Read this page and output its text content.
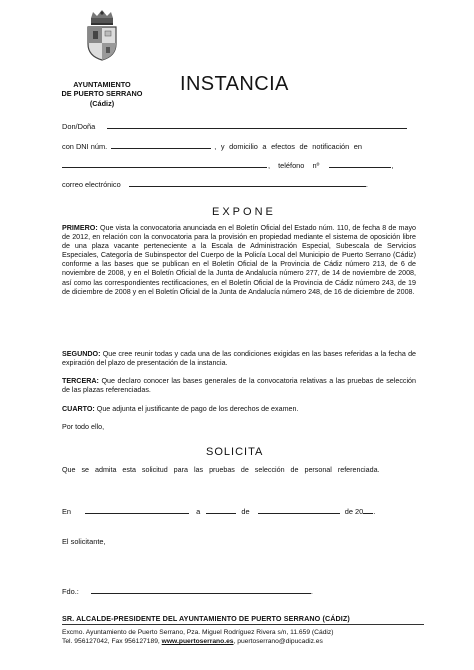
AYUNTAMIENTO
DE PUERTO SERRANO
(Cádiz)
INSTANCIA
Don/Doña
con DNI núm.	, y domicilio a efectos de notificación en
, teléfono nº	,
correo electrónico	.
EXPONE
PRIMERO: Que vista la convocatoria anunciada en el Boletín Oficial del Estado núm. 110, de fecha 8 de mayo de 2012, en relación con la convocatoria para la provisión en propiedad mediante el sistema de oposición libre de una plaza vacante perteneciente a la Escala de Administración Especial, Subescala de Servicios Especiales, Categoría de Subinspector del Cuerpo de la Policía Local del Municipio de Puerto Serrano (Cádiz) conforme a las bases que se publican en el Boletín Oficial de la Provincia de Cádiz número 213, de 6 de noviembre de 2008, y en el Boletín Oficial de la Junta de Andalucía número 277, de 14 de noviembre de 2008, así como las correspondientes rectificaciones, en el Boletín Oficial de la Provincia de Cádiz número 243, de 19 de diciembre de 2008 y en el Boletín Oficial de la Junta de Andalucía número 248, de 16 de diciembre de 2008.
SEGUNDO: Que cree reunir todas y cada una de las condiciones exigidas en las bases referidas a la fecha de expiración del plazo de presentación de la instancia.
TERCERA: Que declaro conocer las bases generales de la convocatoria relativas a las pruebas de selección de las plazas referenciadas.
CUARTO: Que adjunta el justificante de pago de los derechos de examen.
Por todo ello,
SOLICITA
Que se admita esta solicitud para las pruebas de selección de personal referenciada.
En	a	de	de 20 .
El solicitante,
Fdo.:	.
SR. ALCALDE-PRESIDENTE DEL AYUNTAMIENTO DE PUERTO SERRANO (CÁDIZ)
Excmo. Ayuntamiento de Puerto Serrano, Pza. Miguel Rodríguez Rivera s/n, 11.659 (Cádiz)
Tel. 956127042, Fax 956127189, www.puertoserrano.es, puertoserrano@dipucadiz.es
